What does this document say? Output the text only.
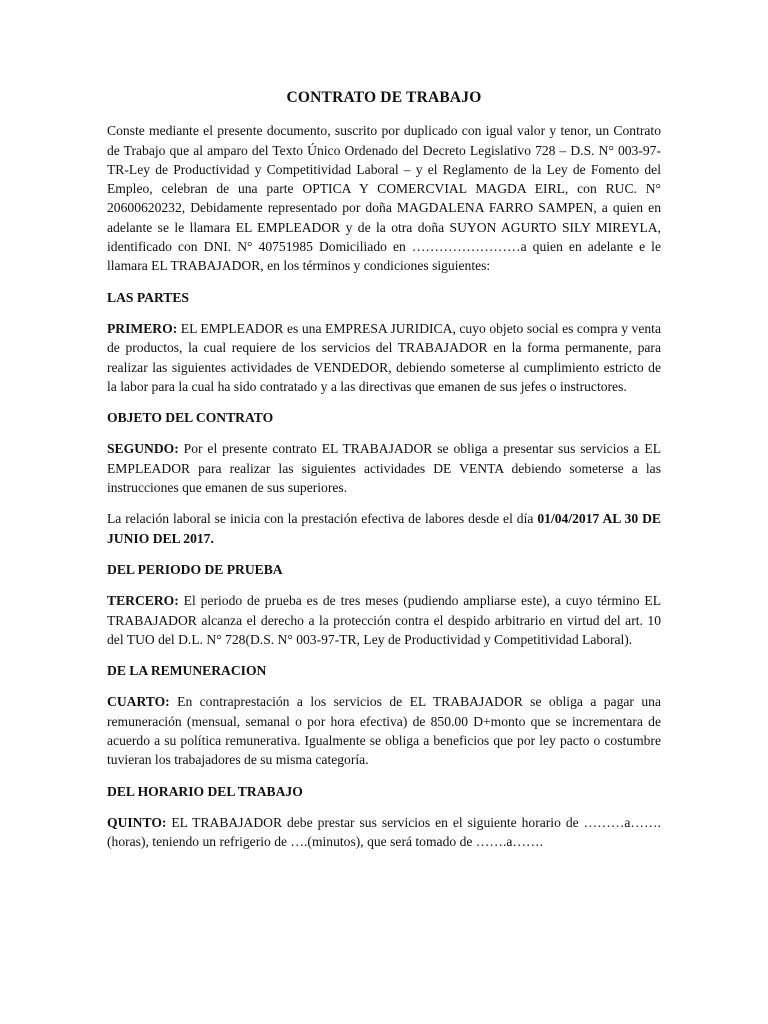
CONTRATO DE TRABAJO

Conste mediante el presente documento, suscrito por duplicado con igual valor y tenor, un Contrato de Trabajo que al amparo del Texto Único Ordenado del Decreto Legislativo 728 – D.S. N° 003-97-TR-Ley de Productividad y Competitividad Laboral – y el Reglamento de la Ley de Fomento del Empleo, celebran de una parte OPTICA Y COMERCVIAL MAGDA EIRL, con RUC. N° 20600620232, Debidamente representado por doña MAGDALENA FARRO SAMPEN, a quien en adelante se le llamara EL EMPLEADOR y de la otra doña SUYON AGURTO SILY MIREYLA, identificado con DNI. N° 40751985 Domiciliado en ……………………a quien en adelante e le llamara EL TRABAJADOR, en los términos y condiciones siguientes:

LAS PARTES

PRIMERO: EL EMPLEADOR es una EMPRESA JURIDICA, cuyo objeto social es compra y venta de productos, la cual requiere de los servicios del TRABAJADOR en la forma permanente, para realizar las siguientes actividades de VENDEDOR, debiendo someterse al cumplimiento estricto de la labor para la cual ha sido contratado y a las directivas que emanen de sus jefes o instructores.

OBJETO DEL CONTRATO

SEGUNDO: Por el presente contrato EL TRABAJADOR se obliga a presentar sus servicios a EL EMPLEADOR para realizar las siguientes actividades DE VENTA debiendo someterse a las instrucciones que emanen de sus superiores.

La relación laboral se inicia con la prestación efectiva de labores desde el día 01/04/2017 AL 30 DE JUNIO DEL 2017.

DEL PERIODO DE PRUEBA

TERCERO: El periodo de prueba es de tres meses (pudiendo ampliarse este), a cuyo término EL TRABAJADOR alcanza el derecho a la protección contra el despido arbitrario en virtud del art. 10 del TUO del D.L. N° 728(D.S. N° 003-97-TR, Ley de Productividad y Competitividad Laboral).

DE LA REMUNERACION

CUARTO: En contraprestación a los servicios de EL TRABAJADOR se obliga a pagar una remuneración (mensual, semanal o por hora efectiva) de 850.00 D+monto que se incrementara de acuerdo a su política remunerativa. Igualmente se obliga a beneficios que por ley pacto o costumbre tuvieran los trabajadores de su misma categoría.

DEL HORARIO DEL TRABAJO

QUINTO: EL TRABAJADOR debe prestar sus servicios en el siguiente horario de ………a……. (horas), teniendo un refrigerio de ….(minutos), que será tomado de …….a…….
